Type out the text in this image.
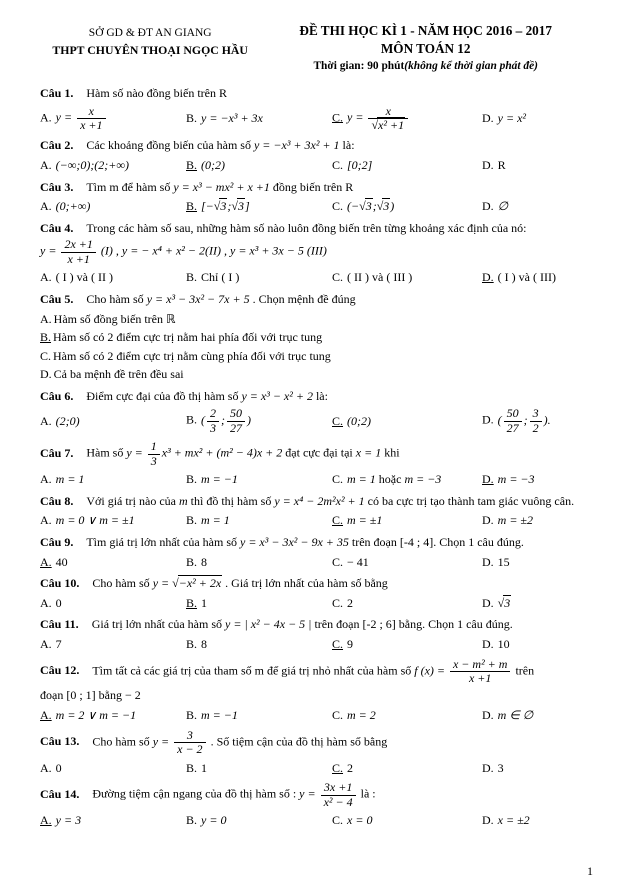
SỞ GD & ĐT AN GIANG
THPT CHUYÊN THOẠI NGỌC HẦU
ĐỀ THI HỌC KÌ 1 - NĂM HỌC 2016 – 2017
MÔN TOÁN 12
Thời gian: 90 phút(không kể thời gian phát đề)
Câu 1. Hàm số nào đồng biến trên R
A. $y = \frac{x}{x +1}$	B. y = −x³ + 3x	C. $y = \frac{x}{\text{√x² +1}}$	D. y = x²
Câu 2. Các khoảng đồng biến của hàm số y = −x³ + 3x² + 1 là:
A. (−∞;0);(2;+∞)	B. (0;2)	C. [0;2]	D. R
Câu 3. Tìm m để hàm số y = x³ − mx² + x +1 đồng biến trên R
A. (0;+∞)	B. [−√3;√3]	C. (−√3;√3)	D. ∅
Câu 4. Trong các hàm số sau, những hàm số nào luôn đồng biến trên từng khoảng xác định của nó:
$y = \frac{2x +1}{x +1} (I)$ , y = − x⁴ + x² − 2(II) , y = x³ + 3x − 5 (III)
A. ( I ) và ( II )	B. Chỉ ( I )	C. ( II ) và ( III )	D. ( I ) và ( III)
Câu 5. Cho hàm số y = x³ − 3x² − 7x + 5 . Chọn mệnh đề đúng
A. Hàm số đồng biến trên ℝ
B. Hàm số có 2 điểm cực trị nằm hai phía đối với trục tung
C. Hàm số có 2 điểm cực trị nằm cùng phía đối với trục tung
D. Cả ba mệnh đề trên đều sai
Câu 6. Điểm cực đại của đồ thị hàm số y = x³ − x² + 2 là:
A. (2;0)	B. ( $\frac{2}{3}$ ; $\frac{50}{27}$ )	C. (0;2)	D. ( $\frac{50}{27}$ ; $\frac{3}{2}$ ).
Câu 7. Hàm số $y = \frac{1}{3} x^3 + mx^2 + (m^2 - 4)x + 2$ đạt cực đại tại x = 1 khi
A. m = 1	B. m = −1	C. m = 1 hoặc m = −3	D. m = −3
Câu 8. Với giá trị nào của m thì đồ thị hàm số y = x⁴ − 2m²x² + 1 có ba cực trị tạo thành tam giác vuông cân.
A. m = 0 ∨ m = ±1	B. m = 1	C. m = ±1	D. m = ±2
Câu 9. Tìm giá trị lớn nhất của hàm số y = x³ − 3x² − 9x + 35 trên đoạn [-4 ; 4]. Chọn 1 câu đúng.
A. 40	B. 8	C. − 41	D. 15
Câu 10. Cho hàm số y = √−x² + 2x . Giá trị lớn nhất của hàm số bằng
A. 0	B. 1	C. 2	D. √3
Câu 11. Giá trị lớn nhất của hàm số y = | x² − 4x − 5 | trên đoạn [-2 ; 6] bằng. Chọn 1 câu đúng.
A. 7	B. 8	C. 9	D. 10
Câu 12. Tìm tất cả các giá trị của tham số m để giá trị nhỏ nhất của hàm số f $(x) = \frac{\text{x − m² + m}}{x +1}$ trên
đoạn [0 ; 1] bằng − 2
A. m = 2 ∨ m = −1	B. m = −1	C. m = 2	D. m ∈ ∅
Câu 13. Cho hàm số $y = \frac{3}{x - 2}$ . Số tiệm cận của đồ thị hàm số bằng
A. 0	B. 1	C. 2	D. 3
Câu 14. Đường tiệm cận ngang của đồ thị hàm số : $y = \frac{3x +1}{\text{x² − 4}}$ là :
A. y = 3	B. y = 0	C. x = 0	D. x = ±2
1
